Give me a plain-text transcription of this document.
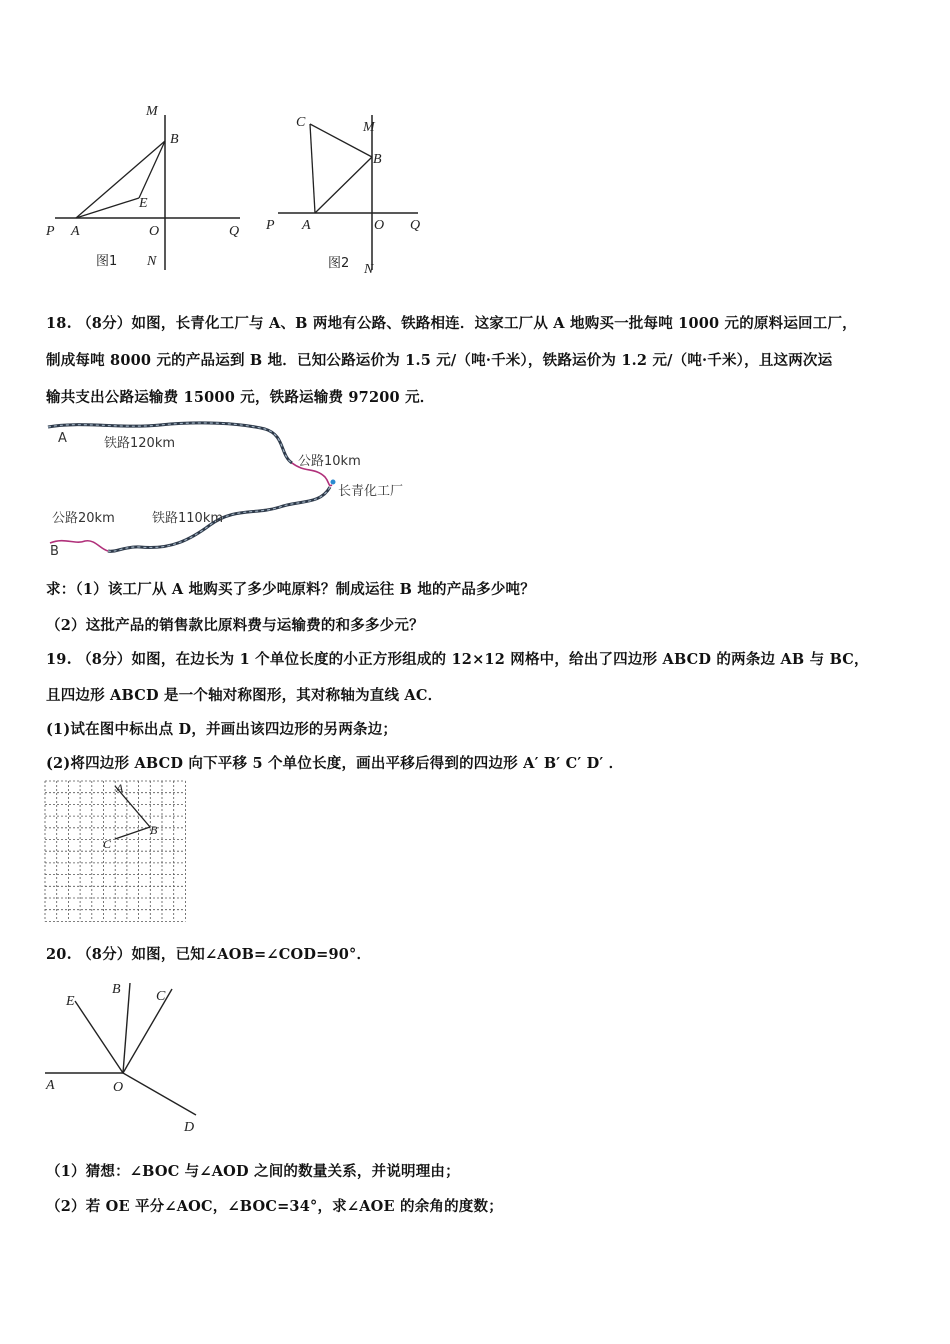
M
B
E
P A	O	Q
N
图1
C	M
B
P A	O Q
N
图2
18. （8分）如图，长青化工厂与 A、B 两地有公路、铁路相连．这家工厂从 A 地购买一批每吨 1000 元的原料运回工厂，
制成每吨 8000 元的产品运到 B 地．已知公路运价为 1.5 元/（吨·千米），铁路运价为 1.2 元/（吨·千米），且这两次运
输共支出公路运输费 15000 元，铁路运输费 97200 元．
A	铁路120km
公路10km
长青化工厂
公路20km	铁路110km
B
求：（1）该工厂从 A 地购买了多少吨原料？制成运往 B 地的产品多少吨？
（2）这批产品的销售款比原料费与运输费的和多多少元？
19. （8分）如图，在边长为 1 个单位长度的小正方形组成的 12×12 网格中，给出了四边形 ABCD 的两条边 AB 与 BC，
且四边形 ABCD 是一个轴对称图形，其对称轴为直线 AC．
(1)试在图中标出点 D，并画出该四边形的另两条边；
(2)将四边形 ABCD 向下平移 5 个单位长度，画出平移后得到的四边形 A′ B′ C′ D′ ．
A
B
C
20. （8分）如图，已知∠AOB=∠COD=90°．
A
B	C
D
E
O
（1）猜想：∠BOC 与∠AOD 之间的数量关系，并说明理由；
（2）若 OE 平分∠AOC，∠BOC=34°，求∠AOE 的余角的度数；
